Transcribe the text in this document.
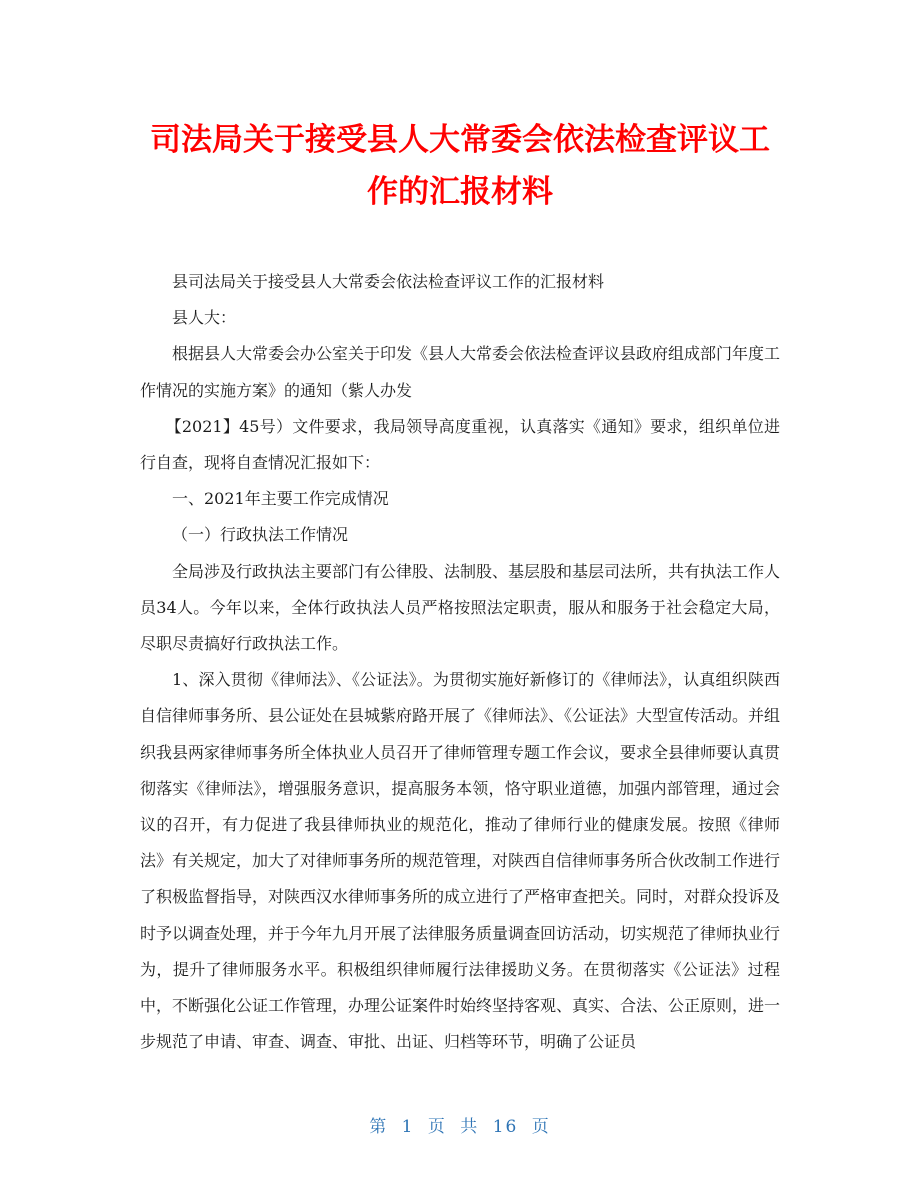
司法局关于接受县人大常委会依法检查评议工
作的汇报材料

县司法局关于接受县人大常委会依法检查评议工作的汇报材料

县人大：

根据县人大常委会办公室关于印发《县人大常委会依法检查评议县政府组成部门年度工作情况的实施方案》的通知（紫人办发

【2021】45号）文件要求，我局领导高度重视，认真落实《通知》要求，组织单位进行自查，现将自查情况汇报如下：

一、2021年主要工作完成情况

（一）行政执法工作情况

全局涉及行政执法主要部门有公律股、法制股、基层股和基层司法所，共有执法工作人员34人。今年以来，全体行政执法人员严格按照法定职责，服从和服务于社会稳定大局，尽职尽责搞好行政执法工作。

1、深入贯彻《律师法》、《公证法》。为贯彻实施好新修订的《律师法》，认真组织陕西自信律师事务所、县公证处在县城紫府路开展了《律师法》、《公证法》大型宣传活动。并组织我县两家律师事务所全体执业人员召开了律师管理专题工作会议，要求全县律师要认真贯彻落实《律师法》，增强服务意识，提高服务本领，恪守职业道德，加强内部管理，通过会议的召开，有力促进了我县律师执业的规范化，推动了律师行业的健康发展。按照《律师法》有关规定，加大了对律师事务所的规范管理，对陕西自信律师事务所合伙改制工作进行了积极监督指导，对陕西汉水律师事务所的成立进行了严格审查把关。同时，对群众投诉及时予以调查处理，并于今年九月开展了法律服务质量调查回访活动，切实规范了律师执业行为，提升了律师服务水平。积极组织律师履行法律援助义务。在贯彻落实《公证法》过程中，不断强化公证工作管理，办理公证案件时始终坚持客观、真实、合法、公正原则，进一步规范了申请、审查、调查、审批、出证、归档等环节，明确了公证员

第 1 页 共 16 页
